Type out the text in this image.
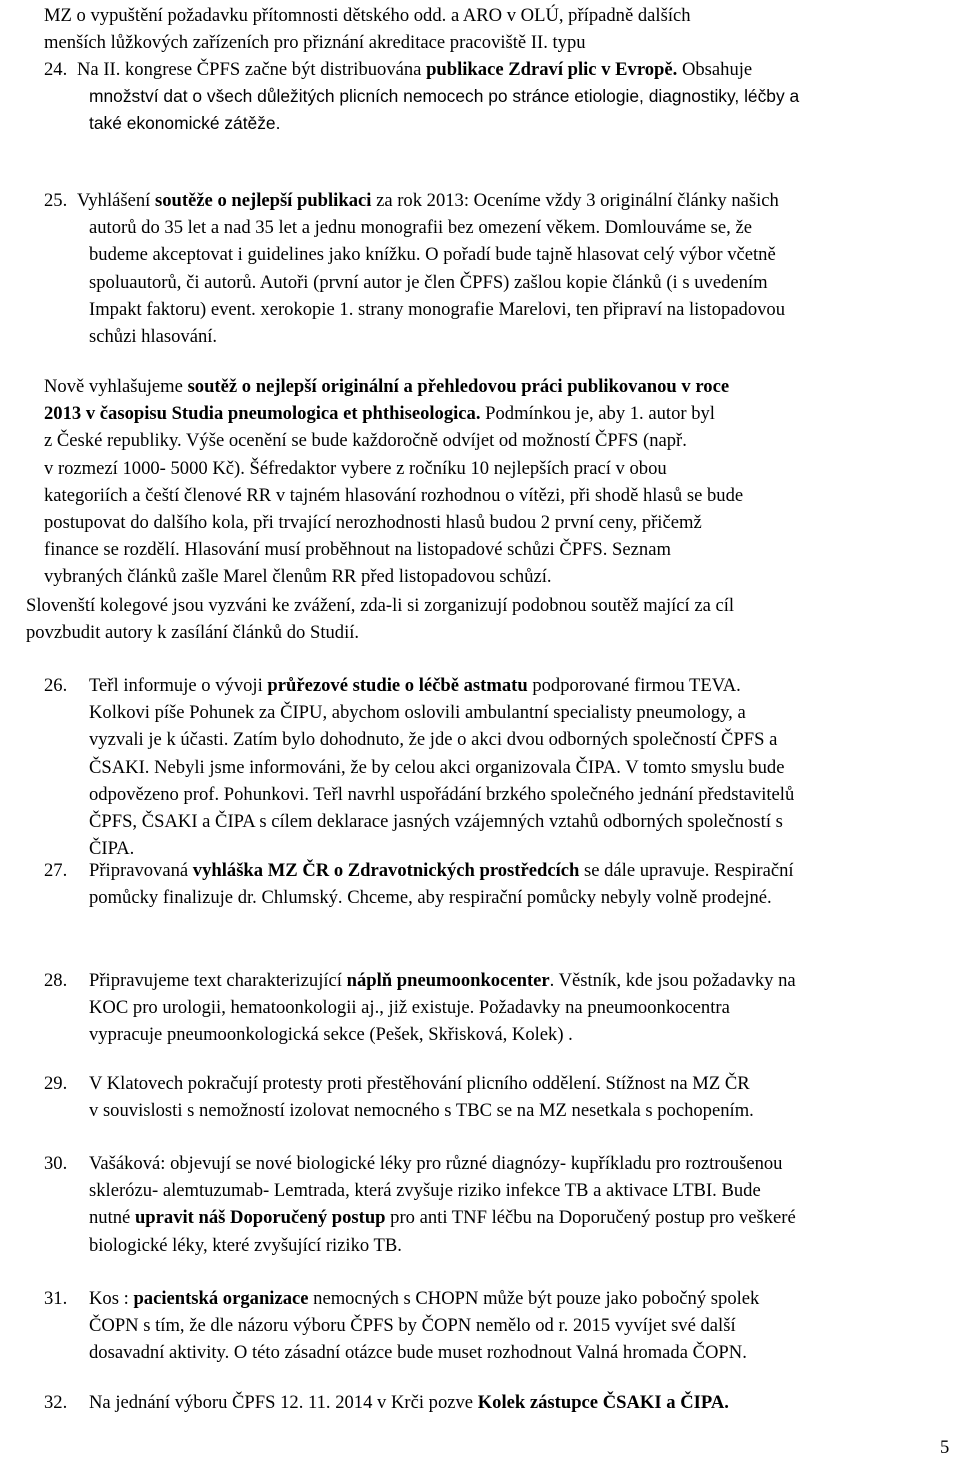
MZ o vypuštění požadavku přítomnosti dětského odd. a ARO v OLÚ, případně dalších
menších lůžkových zařízeních pro přiznání akreditace pracoviště II. typu
24. Na II. kongrese ČPFS začne být distribuována publikace Zdraví plic v Evropě. Obsahuje
množství dat o všech důležitých plicních nemocech po stránce etiologie, diagnostiky, léčby a
také ekonomické zátěže.
25. Vyhlášení soutěže o nejlepší publikaci za rok 2013: Oceníme vždy 3 originální články našich
autorů do 35 let a nad 35 let a jednu monografii bez omezení věkem. Domlouváme se, že
budeme akceptovat i guidelines jako knížku. O pořadí bude tajně hlasovat celý výbor včetně
spoluautorů, či autorů. Autoři (první autor je člen ČPFS) zašlou kopie článků (i s uvedením
Impakt faktoru) event. xerokopie 1. strany monografie Marelovi, ten připraví na listopadovou
schůzi hlasování.
Nově vyhlašujeme soutěž o nejlepší originální a přehledovou práci publikovanou v roce
2013 v časopisu Studia pneumologica et phthiseologica. Podmínkou je, aby 1. autor byl
z České republiky. Výše ocenění se bude každoročně odvíjet od možností ČPFS (např.
v rozmezí 1000- 5000 Kč). Šéfredaktor vybere z ročníku 10 nejlepších prací v obou
kategoriích a čeští členové RR v tajném hlasování rozhodnou o vítězi, při shodě hlasů se bude
postupovat do dalšího kola, při trvající nerozhodnosti hlasů budou 2 první ceny, přičemž
finance se rozdělí. Hlasování musí proběhnout na listopadové schůzi ČPFS. Seznam
vybraných článků zašle Marel členům RR před listopadovou schůzí.
Slovenští kolegové jsou vyzváni ke zvážení, zda-li si zorganizují podobnou soutěž mající za cíl
povzbudit autory k zasílání článků do Studií.
26.	Teřl informuje o vývoji průřezové studie o léčbě astmatu podporované firmou TEVA.
Kolkovi píše Pohunek za ČIPU, abychom oslovili ambulantní specialisty pneumology, a
vyzvali je k účasti. Zatím bylo dohodnuto, že jde o akci dvou odborných společností ČPFS a
ČSAKI. Nebyli jsme informováni, že by celou akci organizovala ČIPA. V tomto smyslu bude
odpovězeno prof. Pohunkovi. Teřl navrhl uspořádání brzkého společného jednání představitelů
ČPFS, ČSAKI a ČIPA s cílem deklarace jasných vzájemných vztahů odborných společností s
ČIPA.
27.	Připravovaná vyhláška MZ ČR o Zdravotnických prostředcích se dále upravuje. Respirační
pomůcky finalizuje dr. Chlumský. Chceme, aby respirační pomůcky nebyly volně prodejné.
28.	Připravujeme text charakterizující náplň pneumoonkocenter. Věstník, kde jsou požadavky na
KOC pro urologii, hematoonkologii aj., již existuje. Požadavky na pneumoonkocentra
vypracuje pneumoonkologická sekce (Pešek, Skřisková, Kolek) .
29.	V Klatovech pokračují protesty proti přestěhování plicního oddělení. Stížnost na MZ ČR
v souvislosti s nemožností izolovat nemocného s TBC se na MZ nesetkala s pochopením.
30.	Vašáková: objevují se nové biologické léky pro různé diagnózy- kupříkladu pro roztroušenou
sklerózu- alemtuzumab- Lemtrada, která zvyšuje riziko infekce TB a aktivace LTBI. Bude
nutné upravit náš Doporučený postup pro anti TNF léčbu na Doporučený postup pro veškeré
biologické léky, které zvyšující riziko TB.
31.	Kos : pacientská organizace nemocných s CHOPN může být pouze jako pobočný spolek
ČOPN s tím, že dle názoru výboru ČPFS by ČOPN nemělo od r. 2015 vyvíjet své další
dosavadní aktivity. O této zásadní otázce bude muset rozhodnout Valná hromada ČOPN.
32.	Na jednání výboru ČPFS 12. 11. 2014 v Krči pozve Kolek zástupce ČSAKI a ČIPA.
5
